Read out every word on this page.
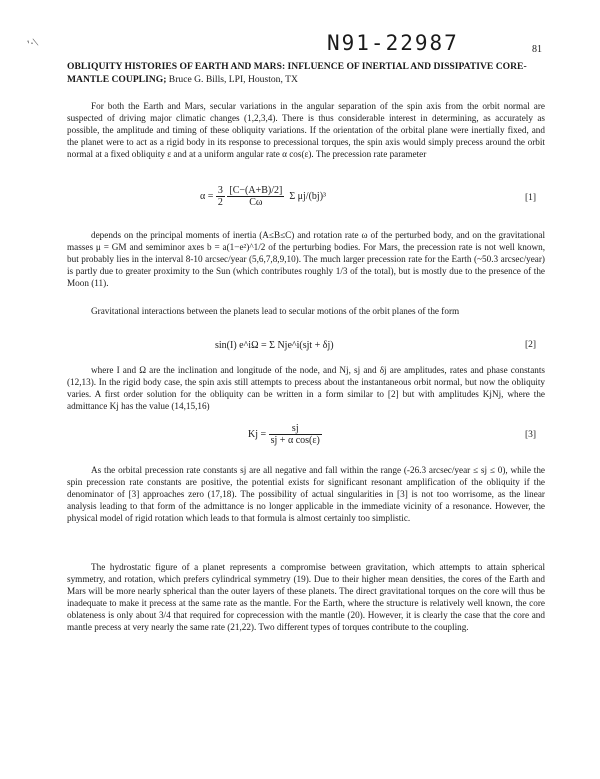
'·\	N91-22987	81
OBLIQUITY HISTORIES OF EARTH AND MARS: INFLUENCE OF INERTIAL AND DISSIPATIVE CORE-MANTLE COUPLING; Bruce G. Bills, LPI, Houston, TX

For both the Earth and Mars, secular variations in the angular separation of the spin axis from the orbit normal are suspected of driving major climatic changes (1,2,3,4). There is thus considerable interest in determining, as accurately as possible, the amplitude and timing of these obliquity variations. If the orientation of the orbital plane were inertially fixed, and the planet were to act as a rigid body in its response to precessional torques, the spin axis would simply precess around the orbit normal at a fixed obliquity ε and at a uniform angular rate α cos(ε). The precession rate parameter

$\alpha = \frac{3}{2}$
$\frac{[C-(A+B)/2]}{C\omega}$ Σ μj/(bj)³	[1]

depends on the principal moments of inertia (A≤B≤C) and rotation rate ω of the perturbed body, and on the gravitational masses μ = GM and semiminor axes b = a(1−e²)^1/2 of the perturbing bodies. For Mars, the precession rate is not well known, but probably lies in the interval 8-10 arcsec/year (5,6,7,8,9,10). The much larger precession rate for the Earth (~50.3 arcsec/year) is partly due to greater proximity to the Sun (which contributes roughly 1/3 of the total), but is mostly due to the presence of the Moon (11).

Gravitational interactions between the planets lead to secular motions of the orbit planes of the form

sin(I) e^iΩ = Σ Nje^i(sjt + δj)	[2]

where I and Ω are the inclination and longitude of the node, and Nj, sj and δj are amplitudes, rates and phase constants (12,13). In the rigid body case, the spin axis still attempts to precess about the instantaneous orbit normal, but now the obliquity varies. A first order solution for the obliquity can be written in a form similar to [2] but with amplitudes KjNj, where the admittance Kj has the value (14,15,16)

$Kj = \frac{sj}{\text{sj + α cos(ε)}}$	[3]

As the orbital precession rate constants sj are all negative and fall within the range (-26.3 arcsec/year ≤ sj ≤ 0), while the spin precession rate constants are positive, the potential exists for significant resonant amplification of the obliquity if the denominator of [3] approaches zero (17,18). The possibility of actual singularities in [3] is not too worrisome, as the linear analysis leading to that form of the admittance is no longer applicable in the immediate vicinity of a resonance. However, the physical model of rigid rotation which leads to that formula is almost certainly too simplistic.

The hydrostatic figure of a planet represents a compromise between gravitation, which attempts to attain spherical symmetry, and rotation, which prefers cylindrical symmetry (19). Due to their higher mean densities, the cores of the Earth and Mars will be more nearly spherical than the outer layers of these planets. The direct gravitational torques on the core will thus be inadequate to make it precess at the same rate as the mantle. For the Earth, where the structure is relatively well known, the core oblateness is only about 3/4 that required for coprecession with the mantle (20). However, it is clearly the case that the core and mantle precess at very nearly the same rate (21,22). Two different types of torques contribute to the coupling.
